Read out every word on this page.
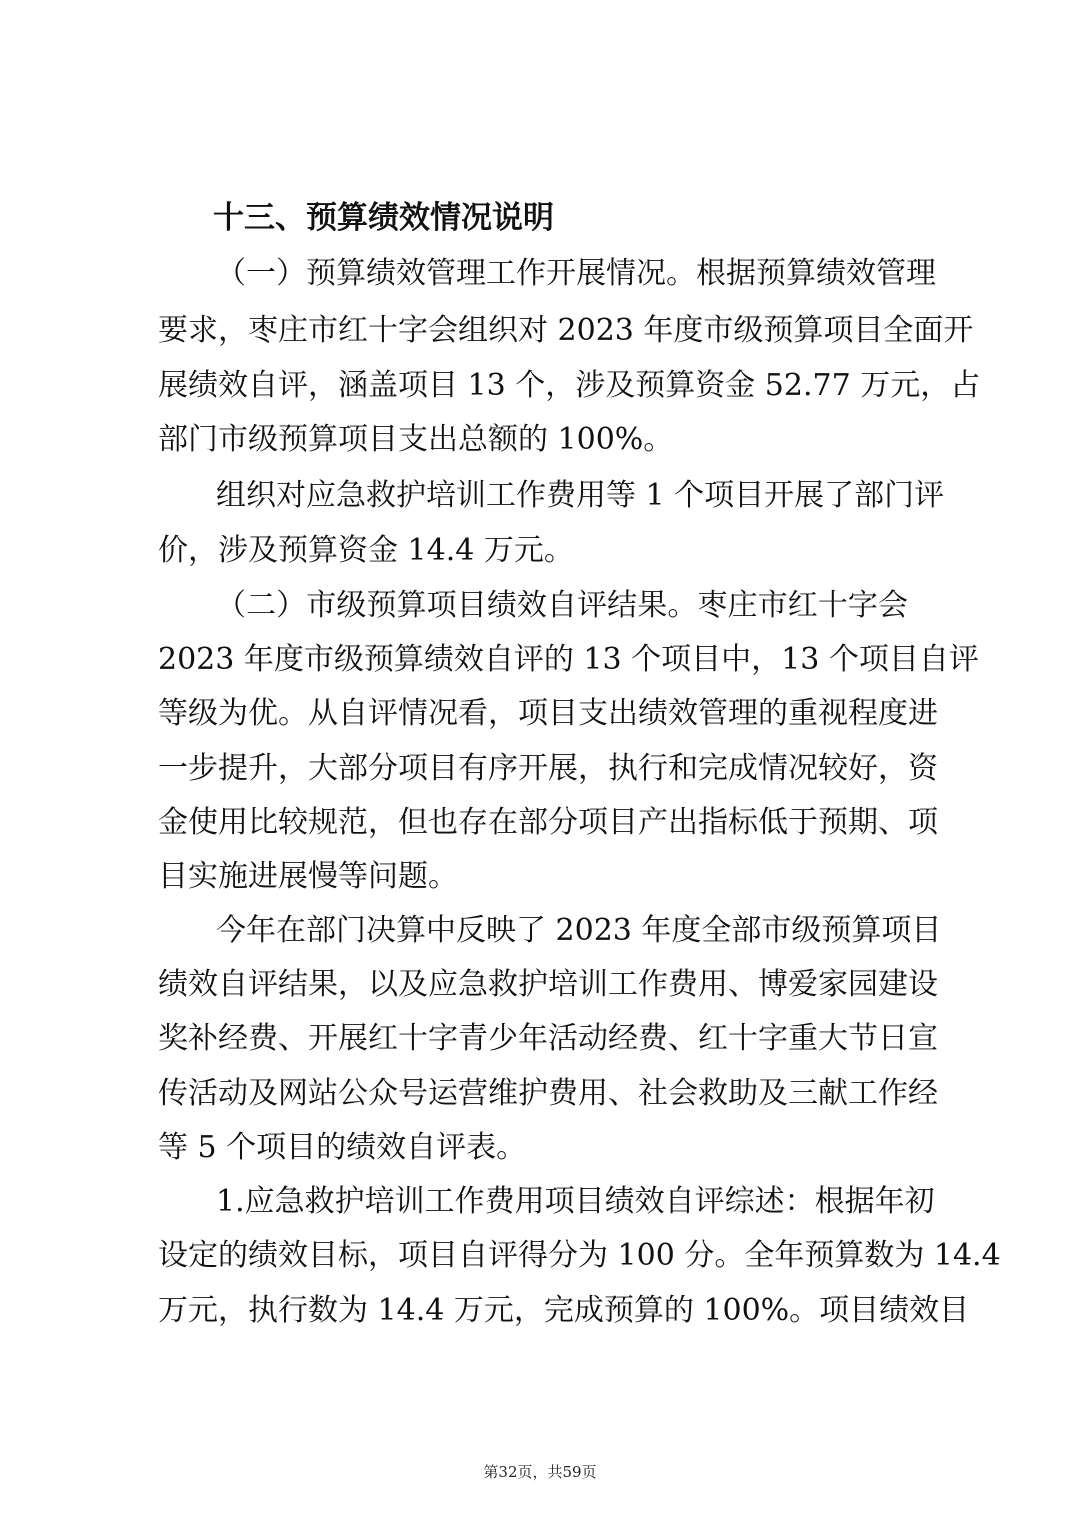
十三、预算绩效情况说明
（一）预算绩效管理工作开展情况。根据预算绩效管理
要求，枣庄市红十字会组织对 2023 年度市级预算项目全面开
展绩效自评，涵盖项目 13 个，涉及预算资金 52.77 万元，占
部门市级预算项目支出总额的 100%。
组织对应急救护培训工作费用等 1 个项目开展了部门评
价，涉及预算资金 14.4 万元。
（二）市级预算项目绩效自评结果。枣庄市红十字会
2023 年度市级预算绩效自评的 13 个项目中，13 个项目自评
等级为优。从自评情况看，项目支出绩效管理的重视程度进
一步提升，大部分项目有序开展，执行和完成情况较好，资
金使用比较规范，但也存在部分项目产出指标低于预期、项
目实施进展慢等问题。
今年在部门决算中反映了 2023 年度全部市级预算项目
绩效自评结果，以及应急救护培训工作费用、博爱家园建设
奖补经费、开展红十字青少年活动经费、红十字重大节日宣
传活动及网站公众号运营维护费用、社会救助及三献工作经
等 5 个项目的绩效自评表。
1.应急救护培训工作费用项目绩效自评综述：根据年初
设定的绩效目标，项目自评得分为 100 分。全年预算数为 14.4
万元，执行数为 14.4 万元，完成预算的 100%。项目绩效目
第32页，共59页
